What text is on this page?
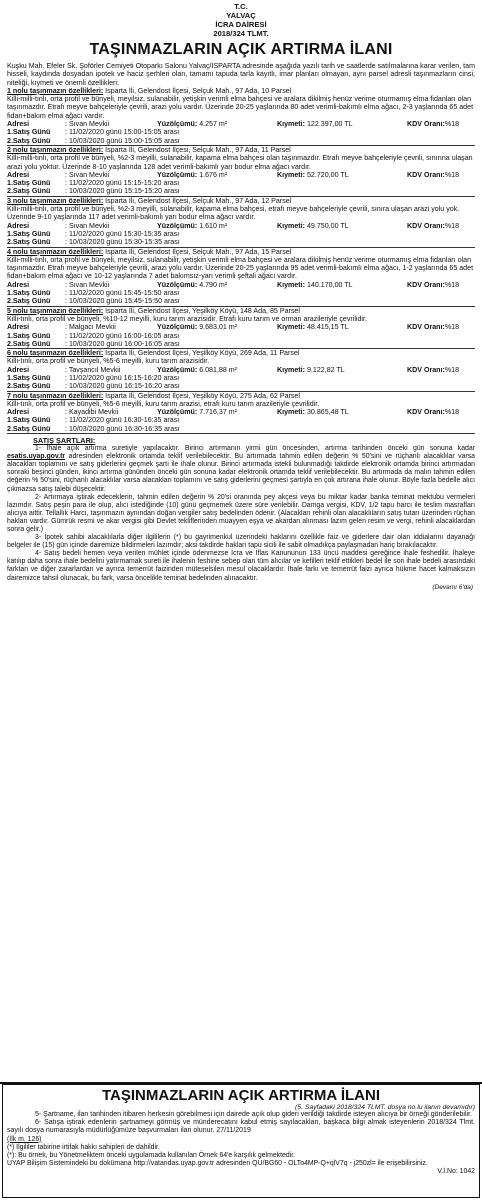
T.C.
YALVAÇ
İCRA DAİRESİ
2018/324 TLMT.
TAŞINMAZLARIN AÇIK ARTIRMA İLANI
Kuşku Mah. Efeler Sk. Şoförler Cemiyeti Otoparkı Salonu Yalvaç/ISPARTA adresinde aşağıda yazılı tarih ve saatlerde satılmalarına karar verilen, tam hisseli, kaydında dosyadan ipotek ve haciz şerhleri olan, tamamı tapuda tarla kayıtlı, imar planları olmayan, aynı parsel adresli taşınmazların cinsi, niteliği, kıymeti ve önemli özellikleri:
1 nolu taşınmazın özellikleri: Isparta İli, Gelendost İlçesi, Selçuk Mah., 97 Ada, 10 Parsel
Killi-milli-tınlı, orta profil ve bünyeli, meyilsiz, sulanabilir, yetişkin verimli elma bahçesi ve aralara dikilmiş henüz verime oturmamış elma fidanları olan taşınmazdır. Etrafı meyve bahçeleriyle çevrili, arazi yolu vardır. Üzerinde 20-25 yaşlarında 80 adet verimli-bakımlı elma ağacı, 2-3 yaşlarında 65 adet fidan+bakım elma ağacı vardır.
Adresi	: Sıvan Mevkii	Yüzölçümü: 4.257 m²	Kıymeti: 122.397,00 TL	KDV Oranı:%18
1.Satış Günü	: 11/02/2020 günü 15:00-15:05 arası
2.Satış Günü	: 10/03/2020 günü 15:00-15:05 arası
2 nolu taşınmazın özellikleri: Isparta İli, Gelendost İlçesi, Selçuk Mah., 97 Ada, 11 Parsel
Killi-milli-tınlı, orta profil ve bünyeli, %2-3 meyilli, sulanabilir, kapama elma bahçesi olan taşınmazdır. Etrafı meyve bahçeleriyle çevrili, sınırına ulaşan arazi yolu yoktur. Üzerinde 8-10 yaşlarında 128 adet verimli-bakımlı yarı bodur elma ağacı vardır.
Adresi	: Sıvan Mevkii	Yüzölçümü: 1.676 m²	Kıymeti: 52.720,00 TL	KDV Oranı:%18
1.Satış Günü	: 11/02/2020 günü 15:15-15:20 arası
2.Satış Günü	: 10/03/2020 günü 15:15-15:20 arası
3 nolu taşınmazın özellikleri: Isparta İli, Gelendost İlçesi, Selçuk Mah., 97 Ada, 12 Parsel
Killi-milli-tınlı, orta profil ve bünyeli, %2-3 meyilli, sulanabilir, kapama elma bahçesi, etrafı meyve bahçeleriyle çevrili, sınıra ulaşan arazi yolu yok. Üzerinde 9-10 yaşlarında 117 adet verimli-bakımlı yarı bodur elma ağacı vardır.
Adresi	: Sıvan Mevkii	Yüzölçümü: 1.610 m²	Kıymeti: 49.750,00 TL	KDV Oranı:%18
1.Satış Günü	: 11/02/2020 günü 15:30-15:35 arası
2.Satış Günü	: 10/03/2020 günü 15:30-15:35 arası
4 nolu taşınmazın özellikleri: Isparta İli, Gelendost İlçesi, Selçuk Mah., 97 Ada, 15 Parsel
Killi-milli-tınlı, orta profil ve bünyeli, meyilsiz, sulanabilir, yetişkin verimli elma bahçesi ve aralara dikilmiş henüz verime oturmamış elma fidanları olan taşınmazdır. Etrafı meyve bahçeleriyle çevrili, arazi yolu vardır. Üzerinde 20-25 yaşlarında 95 adet verimli-bakımlı elma ağacı, 1-2 yaşlarında 65 adet fidan+bakım elma ağacı ve 10-12 yaşlarında 7 adet bakımsız-yarı verimli şeftali ağacı vardır.
Adresi	: Sıvan Mevkii	Yüzölçümü: 4.790 m²	Kıymeti: 140.170,00 TL	KDV Oranı:%18
1.Satış Günü	: 11/02/2020 günü 15:45-15:50 arası
2.Satış Günü	: 10/03/2020 günü 15:45-15:50 arası
5 nolu taşınmazın özellikleri: Isparta İli, Gelendost İlçesi, Yeşilköy Köyü, 148 Ada, 85 Parsel
Killi-tınlı, orta profil ve bünyeli, %10-12 meyilli, kuru tarım arazisidir. Etrafı kuru tarım ve orman arazileriyle çevrilidir.
Adresi	: Malgacı Mevkii	Yüzölçümü: 9.683,01 m²	Kıymeti: 48.415,15 TL	KDV Oranı:%18
1.Satış Günü	: 11/02/2020 günü 16:00-16:05 arası
2.Satış Günü	: 10/03/2020 günü 16:00-16:05 arası
6 nolu taşınmazın özellikleri: Isparta İli, Gelendost İlçesi, Yeşilköy Köyü, 269 Ada, 11 Parsel
Killi-tınlı, orta profil ve bünyeli, %5-6 meyilli, kuru tarım arazisidir.
Adresi	: Tavşancıl Mevkii	Yüzölçümü: 6.081,88 m²	Kıymeti: 9.122,82 TL	KDV Oranı:%18
1.Satış Günü	: 11/02/2020 günü 16:15-16:20 arası
2.Satış Günü	: 10/03/2020 günü 16:15-16:20 arası
7 nolu taşınmazın özellikleri: Isparta İli, Gelendost İlçesi, Yeşilköy Köyü, 275 Ada, 62 Parsel
Killi-tınlı, orta profil ve bünyeli, %5-6 meyilli, kuru tarım arazisi, etrafı kuru tarım arazileriyle çevrilidir.
Adresi	: Kayadibi Mevkii	Yüzölçümü: 7.716,37 m²	Kıymeti: 30.865,48 TL	KDV Oranı:%18
1.Satış Günü	: 11/02/2020 günü 16:30-16:35 arası
2.Satış Günü	: 10/03/2020 günü 16:30-16:35 arası
SATIŞ ŞARTLARI:
1- İhale açık artırma suretiyle yapılacaktır. Birinci artırmanın yirmi gün öncesinden, artırma tarihinden önceki gün sonuna kadar esatis.uyap.gov.tr adresinden elektronik ortamda teklif verilebilecektir. Bu artırmada tahmin edilen değerin % 50'sini ve rüçhanlı alacaklılar varsa alacakları toplamını ve satış giderlerini geçmek şartı ile ihale olunur. Birinci artırmada istekli bulunmadığı takdirde elektronik ortamda birinci artırmadan sonraki beşinci günden, ikinci artırma gününden önceki gün sonuna kadar elektronik ortamda teklif verilebilecektir. Bu artırmada da malın tahmin edilen değerin % 50'sini, rüçhanlı alacaklılar varsa alacakları toplamını ve satış giderlerini geçmesi şartıyla en çok artırana ihale olunur. Böyle fazla bedelle alıcı çıkmazsa satış talebi düşecektir.
2- Artırmaya iştirak edeceklerin, tahmin edilen değerin % 20'si oranında pey akçesi veya bu miktar kadar banka teminat mektubu vermeleri lazımdır. Satış peşin para ile olup, alıcı istediğinde (10) günü geçmemek üzere süre verilebilir. Damga vergisi, KDV, 1/2 tapu harcı ile teslim masrafları alıcıya aittir. Tellallık Harcı, taşınmazın aynından doğan vergiler satış bedelinden ödenir. (Alacakları rehinli olan alacaklıların satış tutarı üzerinden rüçhan hakları vardır. Gümrük resmi ve akar vergisi gibi Devlet tekliflerinden muayyen eşya ve akardan alınması lazım gelen resim ve vergi, rehinli alacaklardan sonra gelir.)
3- İpotek sahibi alacaklılarla diğer ilgililerin (*) bu gayrimenkul üzerindeki haklarını özellikle faiz ve giderlere dair olan iddialarını dayanağı belgeler ile (15) gün içinde dairemize bildirmeleri lazımdır; aksi takdirde hakları tapu sicili ile sabit olmadıkça paylaşmadan hariç bırakılacaktır.
4- Satış bedeli hemen veya verilen mühlet içinde ödenmezse İcra ve İflas Kanununun 133 üncü maddesi gereğince ihale feshedilir. İhaleye katılıp daha sonra ihale bedelini yatırmamak sureti ile ihalenin feshine sebep olan tüm alıcılar ve kefilleri teklif ettikleri bedel ile son ihale bedeli arasındaki farktan ve diğer zararlardan ve ayrıca temerrüt faizinden müteselsilen mesul olacaklardır. İhale farkı ve temerrüt faizi ayrıca hükme hacet kalmaksızın dairemizce tahsil olunacak, bu fark, varsa öncelikle teminat bedelinden alınacaktır.
(Devamı 6'da)
TAŞINMAZLARIN AÇIK ARTIRMA İLANI
(5. Sayfadaki 2018/324 TLMT. dosya no.lu ilanın devamıdır)

5- Şartname, ilan tarihinden itibaren herkesin görebilmesi için dairede açık olup gideri verildiği takdirde isteyen alıcıya bir örneği gönderilebilir.

6- Satışa iştirak edenlerin şartnameyi görmüş ve münderecatını kabul etmiş sayılacakları, başkaca bilgi almak isteyenlerin 2018/324 Tlmt. sayılı dosya numarasıyla müdürlüğümüze başvurmaları ilan olunur. 27/11/2019

(İlk m. 126)

(*) İlgililer tabirine irtifak hakkı sahipleri de dahildir.

(*): Bu örnek, bu Yönetmeliktem önceki uygulamada kullanılan Örnek 64'e karşılık gelmektedir.

UYAP Bilişim Sistemindeki bu dokümana http://vatandas.uyap.gov.tr adresinden QU/BG60 - OLTo4MP-Q+qlV7q - j250zl= ile erişebilirsiniz.
V.İ.No: 1042
